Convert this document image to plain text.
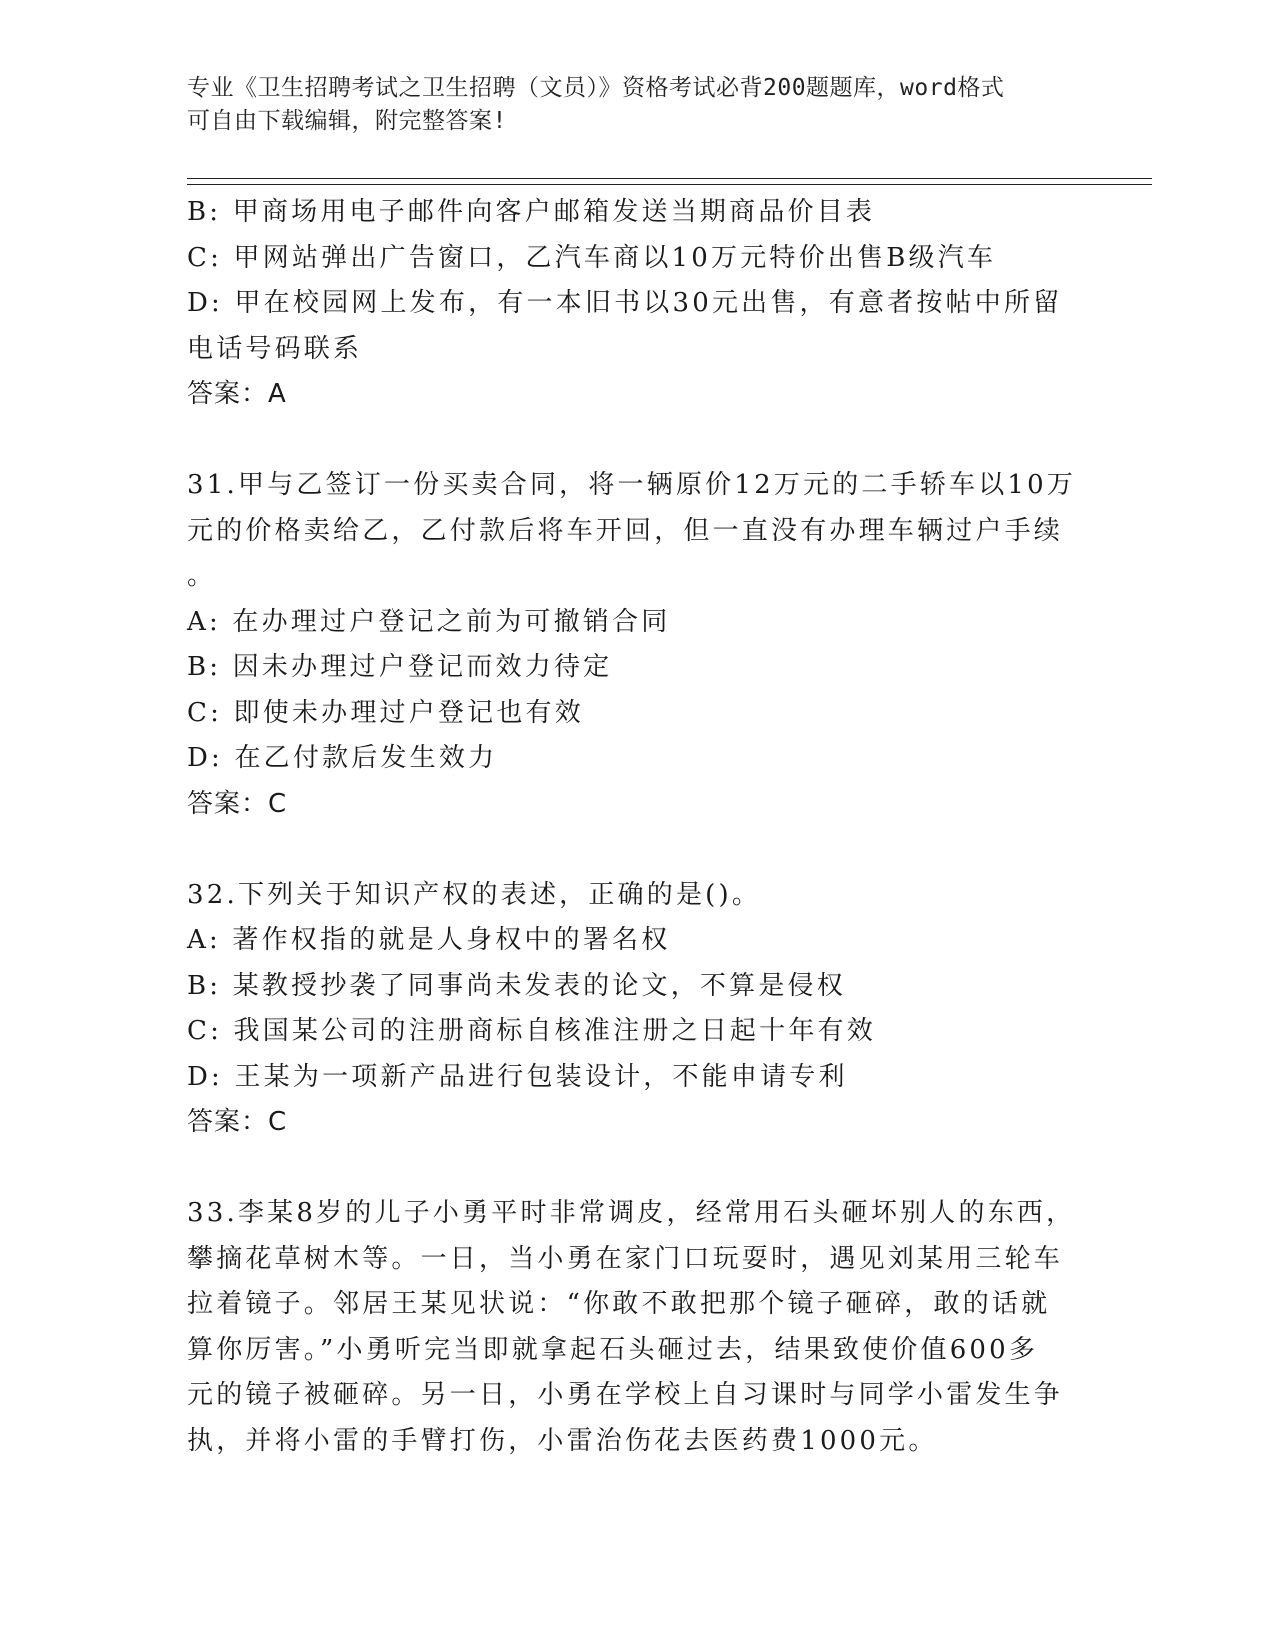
专业《卫生招聘考试之卫生招聘（文员）》资格考试必背200题题库，word格式
可自由下载编辑，附完整答案!
B: 甲商场用电子邮件向客户邮箱发送当期商品价目表
C: 甲网站弹出广告窗口，乙汽车商以10万元特价出售B级汽车
D: 甲在校园网上发布，有一本旧书以30元出售，有意者按帖中所留
电话号码联系
答案：A
31.甲与乙签订一份买卖合同，将一辆原价12万元的二手轿车以10万
元的价格卖给乙，乙付款后将车开回，但一直没有办理车辆过户手续
。
A: 在办理过户登记之前为可撤销合同
B: 因未办理过户登记而效力待定
C: 即使未办理过户登记也有效
D: 在乙付款后发生效力
答案：C
32.下列关于知识产权的表述，正确的是()。
A: 著作权指的就是人身权中的署名权
B: 某教授抄袭了同事尚未发表的论文，不算是侵权
C: 我国某公司的注册商标自核准注册之日起十年有效
D: 王某为一项新产品进行包装设计，不能申请专利
答案：C
33.李某8岁的儿子小勇平时非常调皮，经常用石头砸坏别人的东西，
攀摘花草树木等。一日，当小勇在家门口玩耍时，遇见刘某用三轮车
拉着镜子。邻居王某见状说：“你敢不敢把那个镜子砸碎，敢的话就
算你厉害。”小勇听完当即就拿起石头砸过去，结果致使价值600多
元的镜子被砸碎。另一日，小勇在学校上自习课时与同学小雷发生争
执，并将小雷的手臂打伤，小雷治伤花去医药费1000元。
